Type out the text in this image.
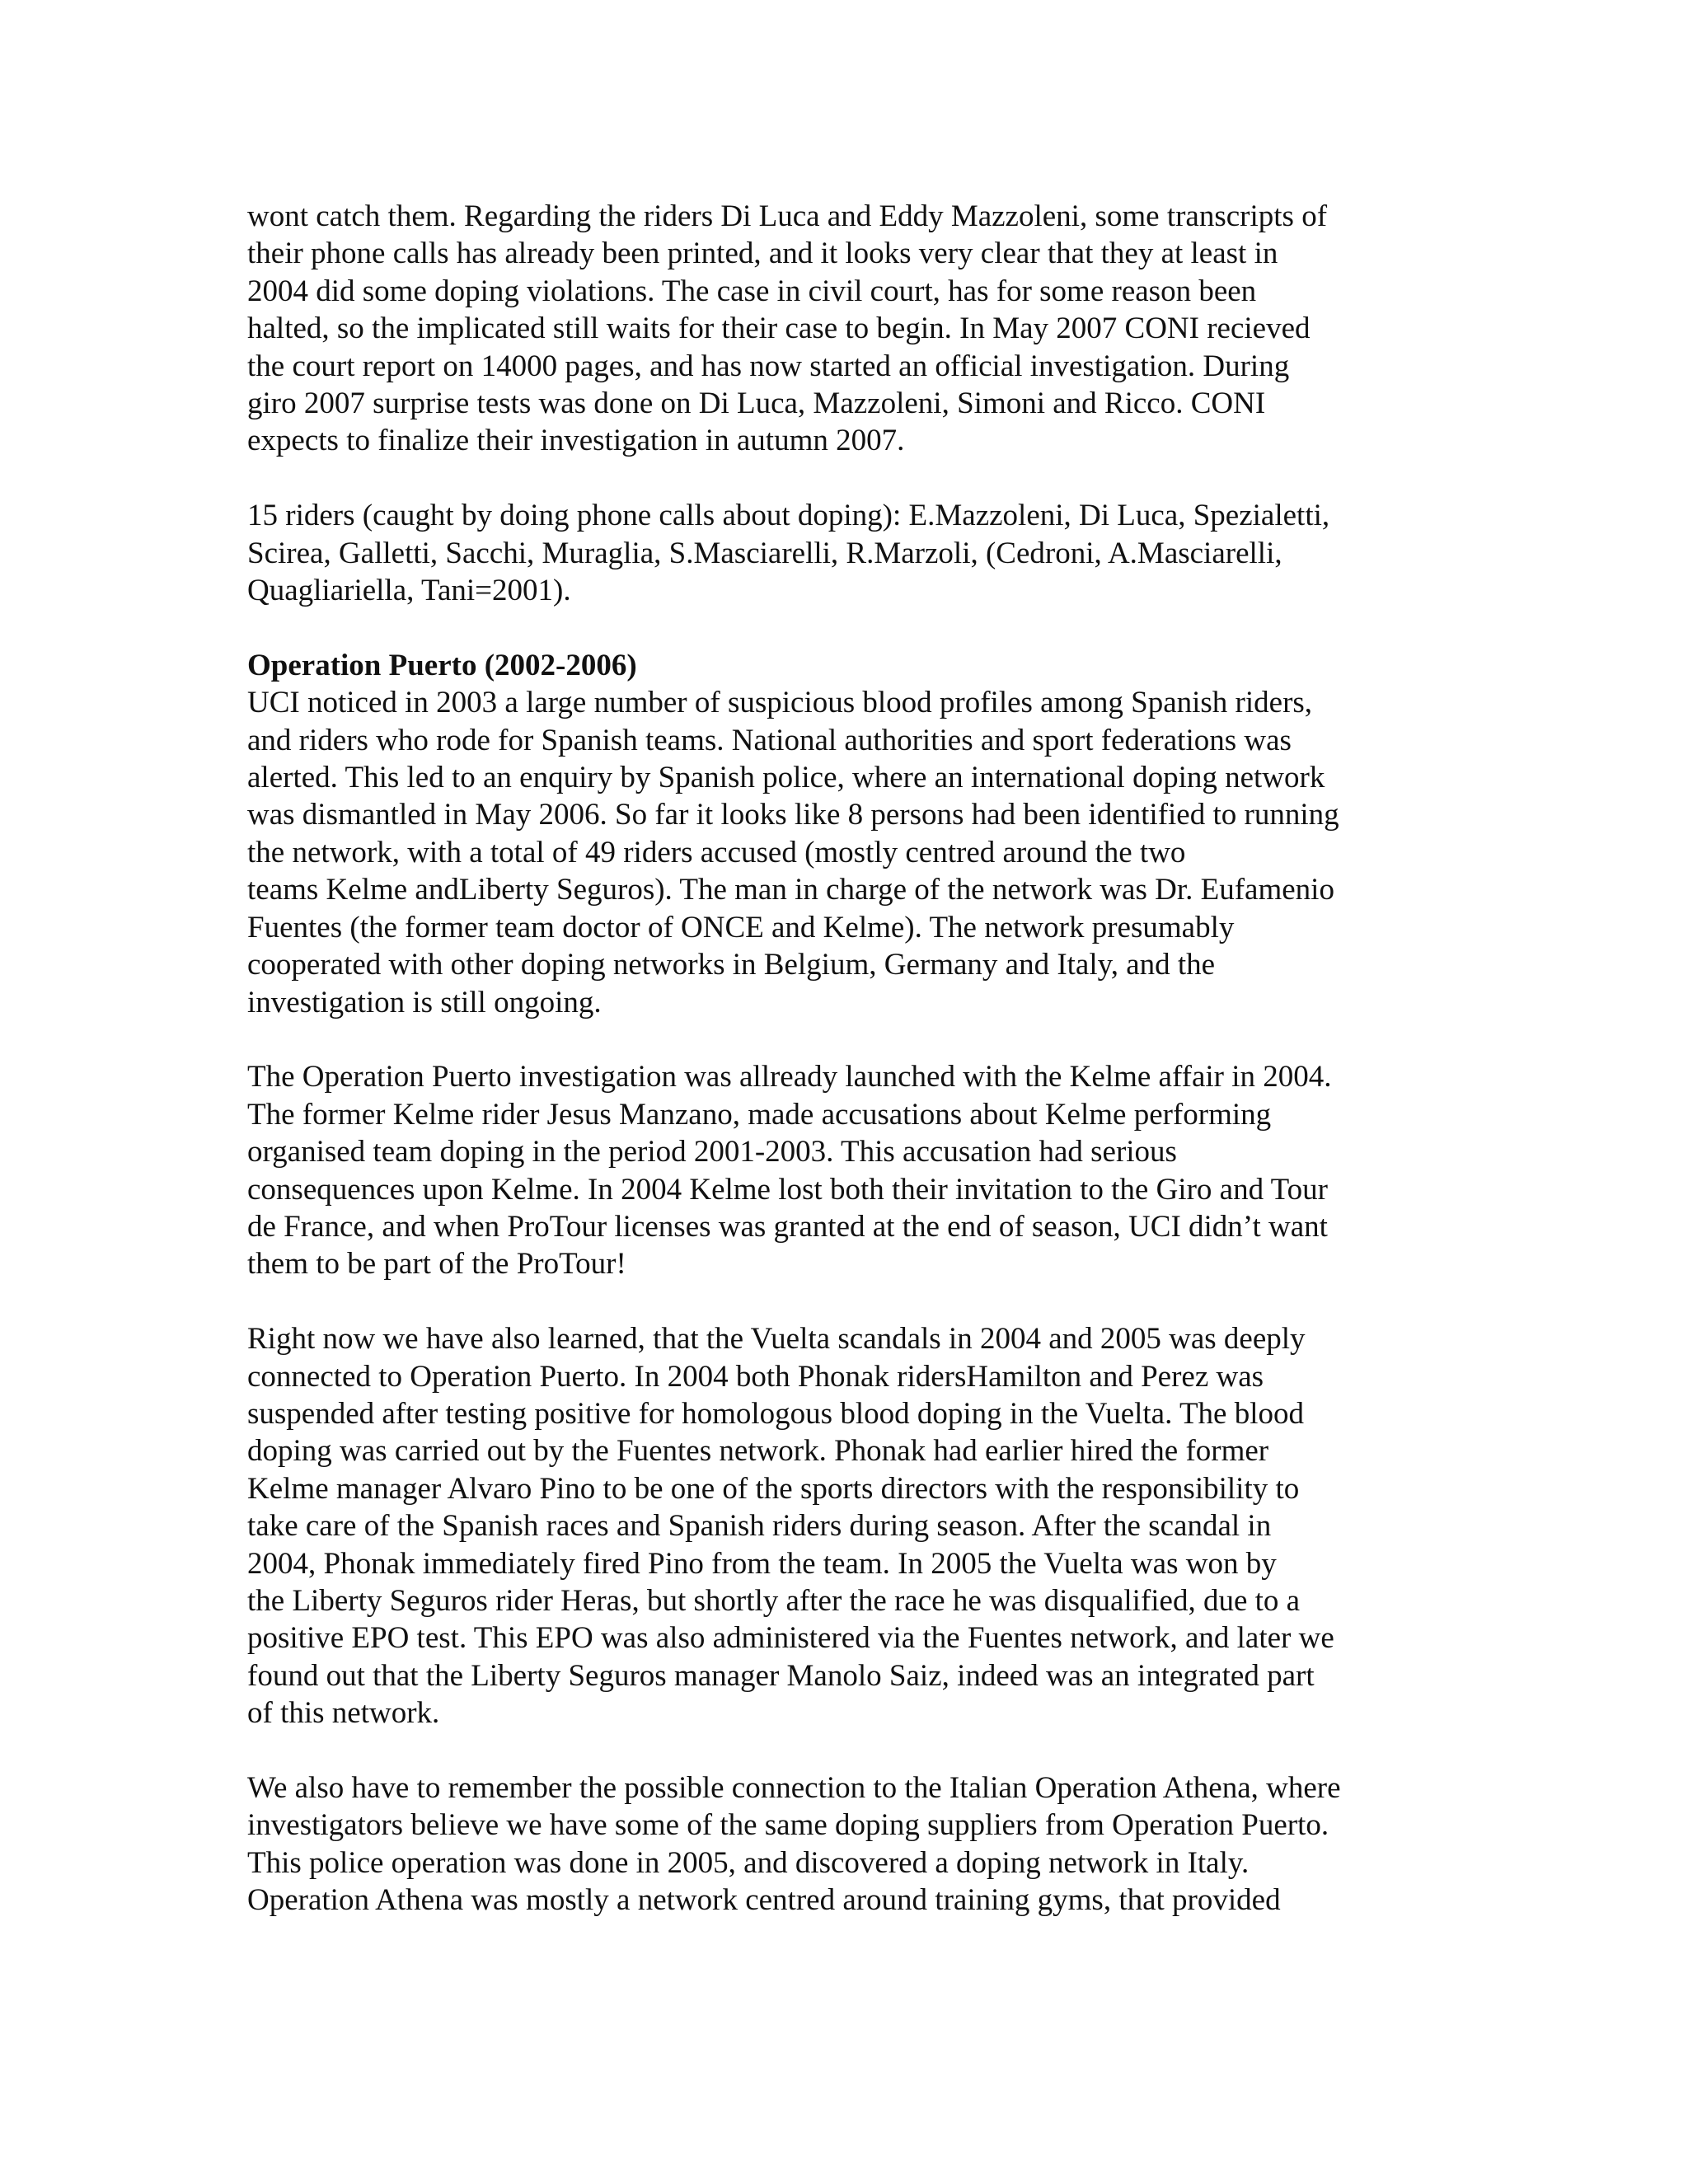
wont catch them. Regarding the riders Di Luca and Eddy Mazzoleni, some transcripts of
their phone calls has already been printed, and it looks very clear that they at least in
2004 did some doping violations. The case in civil court, has for some reason been
halted, so the implicated still waits for their case to begin. In May 2007 CONI recieved
the court report on 14000 pages, and has now started an official investigation. During
giro 2007 surprise tests was done on Di Luca, Mazzoleni, Simoni and Ricco. CONI
expects to finalize their investigation in autumn 2007.
15 riders (caught by doing phone calls about doping): E.Mazzoleni, Di Luca, Spezialetti,
Scirea, Galletti, Sacchi, Muraglia, S.Masciarelli, R.Marzoli, (Cedroni, A.Masciarelli,
Quagliariella, Tani=2001).
Operation Puerto (2002-2006)
UCI noticed in 2003 a large number of suspicious blood profiles among Spanish riders,
and riders who rode for Spanish teams. National authorities and sport federations was
alerted. This led to an enquiry by Spanish police, where an international doping network
was dismantled in May 2006. So far it looks like 8 persons had been identified to running
the network, with a total of 49 riders accused (mostly centred around the two
teams Kelme andLiberty Seguros). The man in charge of the network was Dr. Eufamenio
Fuentes (the former team doctor of ONCE and Kelme). The network presumably
cooperated with other doping networks in Belgium, Germany and Italy, and the
investigation is still ongoing.
The Operation Puerto investigation was allready launched with the Kelme affair in 2004.
The former Kelme rider Jesus Manzano, made accusations about Kelme performing
organised team doping in the period 2001-2003. This accusation had serious
consequences upon Kelme. In 2004 Kelme lost both their invitation to the Giro and Tour
de France, and when ProTour licenses was granted at the end of season, UCI didn’t want
them to be part of the ProTour!
Right now we have also learned, that the Vuelta scandals in 2004 and 2005 was deeply
connected to Operation Puerto. In 2004 both Phonak ridersHamilton and Perez was
suspended after testing positive for homologous blood doping in the Vuelta. The blood
doping was carried out by the Fuentes network. Phonak had earlier hired the former
Kelme manager Alvaro Pino to be one of the sports directors with the responsibility to
take care of the Spanish races and Spanish riders during season. After the scandal in
2004, Phonak immediately fired Pino from the team. In 2005 the Vuelta was won by
the Liberty Seguros rider Heras, but shortly after the race he was disqualified, due to a
positive EPO test. This EPO was also administered via the Fuentes network, and later we
found out that the Liberty Seguros manager Manolo Saiz, indeed was an integrated part
of this network.
We also have to remember the possible connection to the Italian Operation Athena, where
investigators believe we have some of the same doping suppliers from Operation Puerto.
This police operation was done in 2005, and discovered a doping network in Italy.
Operation Athena was mostly a network centred around training gyms, that provided
